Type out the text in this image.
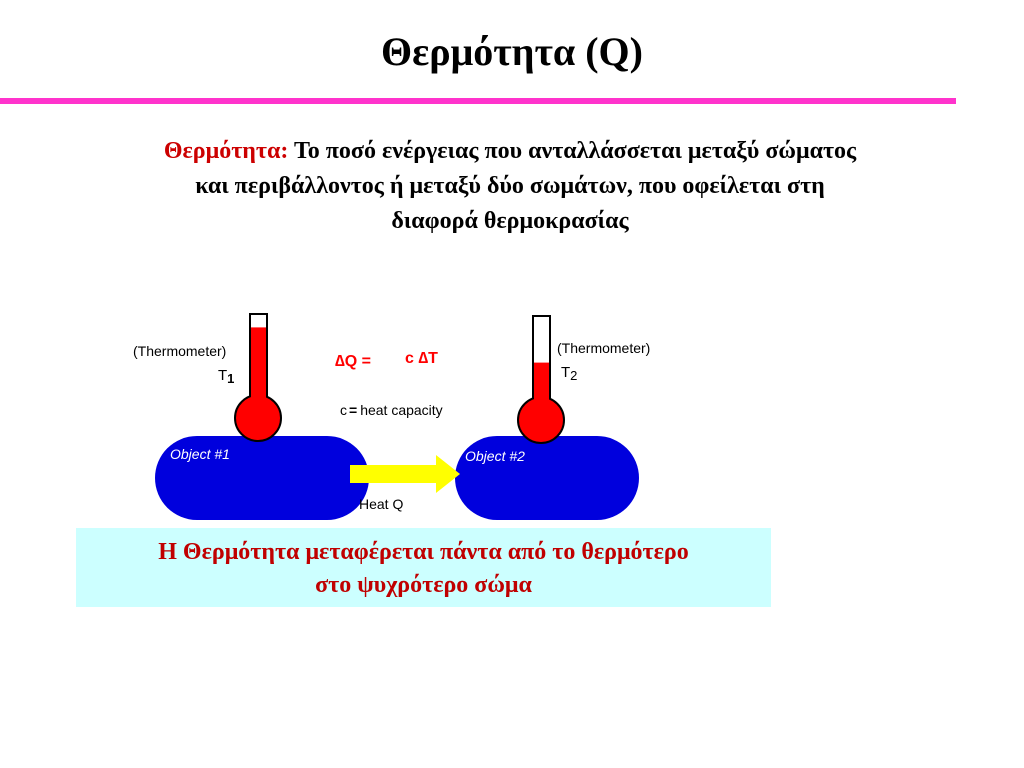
Θερμότητα (Q)
Θερμότητα: Το ποσό ενέργειας που ανταλλάσσεται μεταξύ σώματος
και περιβάλλοντος ή μεταξύ δύο σωμάτων, που οφείλεται στη
διαφορά θερμοκρασίας
(Thermometer)
T1
(Thermometer)
T2
∆Q = c ∆T
c = heat capacity
Object #1	Object #2
Heat Q
Η Θερμότητα μεταφέρεται πάντα από το θερμότερο
στο ψυχρότερο σώμα
